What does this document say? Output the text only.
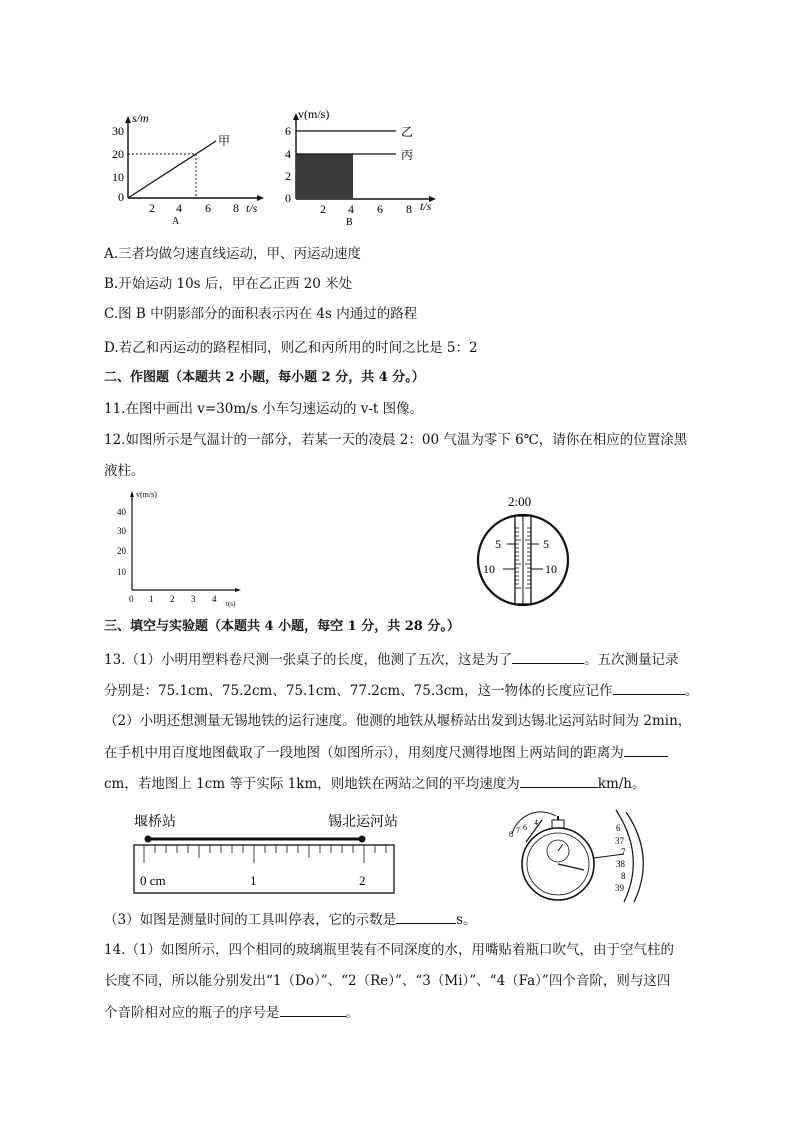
s/m
30
20
10
0
甲
2 4 6 8 t/s
A
v(m/s)
乙
丙
6
4
2
0
2 4 6 8 t/s
B
A.三者均做匀速直线运动，甲、丙运动速度
B.开始运动 10s 后，甲在乙正西 20 米处
C.图 B 中阴影部分的面积表示丙在 4s 内通过的路程
D.若乙和丙运动的路程相同，则乙和丙所用的时间之比是 5：2
二、作图题（本题共 2 小题，每小题 2 分，共 4 分。）
11.在图中画出 v=30m/s 小车匀速运动的 v-t 图像。
12.如图所示是气温计的一部分，若某一天的凌晨 2：00 气温为零下 6℃，请你在相应的位置涂黑
液柱。
v(m/s)
40
30
20
10
0 1 2 3 4 t(s)
2:00
5	5
10	10
三、填空与实验题（本题共 4 小题，每空 1 分，共 28 分。）
13.（1）小明用塑料卷尺测一张桌子的长度，他测了五次，这是为了	。五次测量记录
分别是：75.1cm、75.2cm、75.1cm、77.2cm、75.3cm，这一物体的长度应记作	。
（2）小明还想测量无锡地铁的运行速度。他测的地铁从堰桥站出发到达锡北运河站时间为 2min，
在手机中用百度地图截取了一段地图（如图所示），用刻度尺测得地图上两站间的距离为
cm，若地图上 1cm 等于实际 1km，则地铁在两站之间的平均速度为	km/h。
堰桥站	锡北运河站
0 cm	1	2
8 7 6
4
6
37
7
38
8
39
（3）如图是测量时间的工具叫停表，它的示数是	s。
14.（1）如图所示，四个相同的玻璃瓶里装有不同深度的水，用嘴贴着瓶口吹气，由于空气柱的
长度不同，所以能分别发出“1（Do）”、“2（Re）”、“3（Mi）”、“4（Fa）”四个音阶，则与这四
个音阶相对应的瓶子的序号是	。
